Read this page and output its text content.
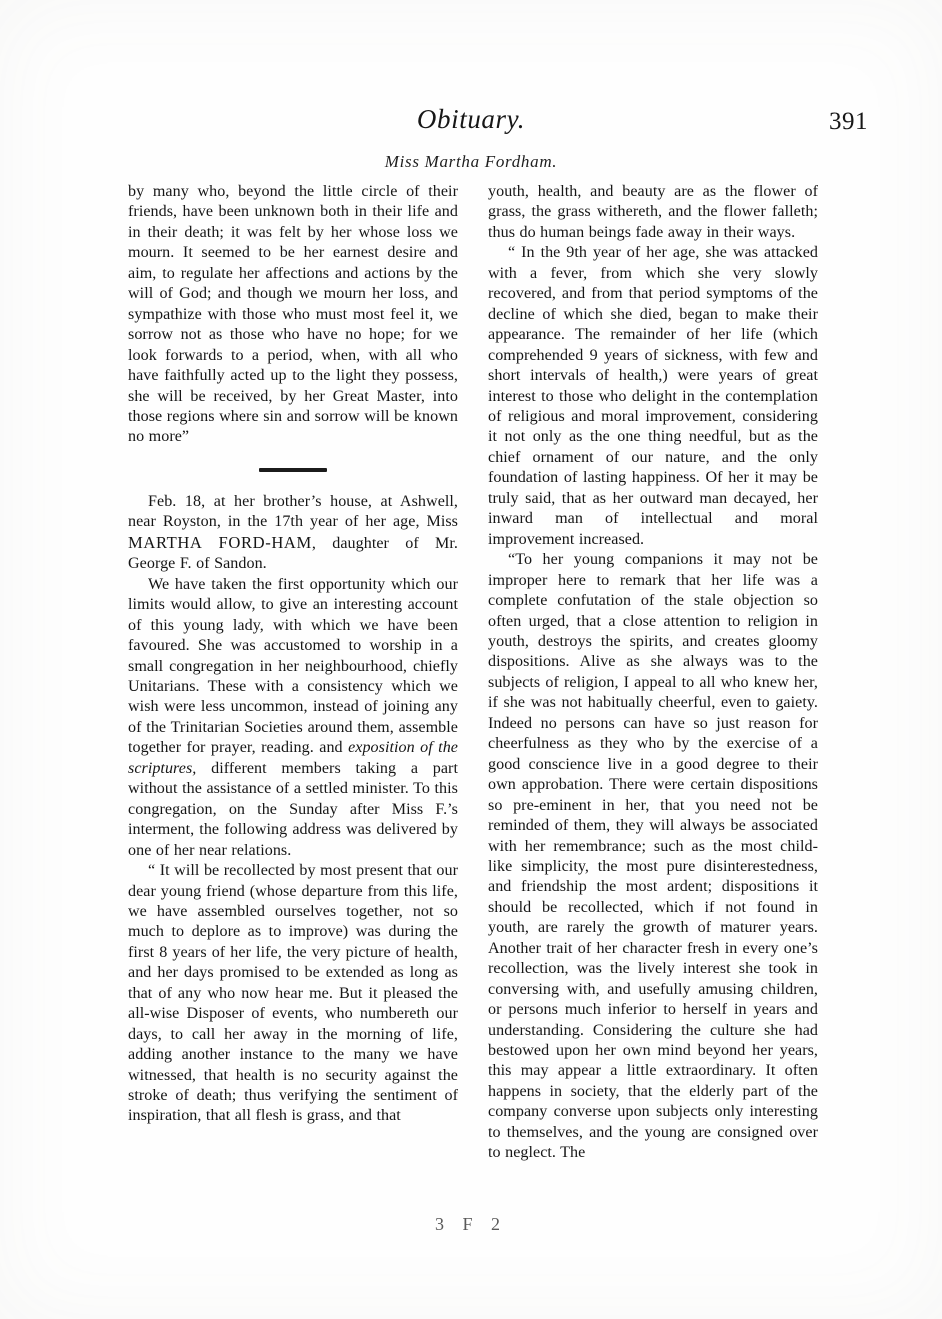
Obituary.	391
Miss Martha Fordham.

by many who, beyond the little circle of their friends, have been unknown both in their life and in their death; it was felt by her whose loss we mourn. It seemed to be her earnest desire and aim, to regulate her affections and actions by the will of God; and though we mourn her loss, and sympathize with those who must most feel it, we sorrow not as those who have no hope; for we look forwards to a period, when, with all who have faithfully acted up to the light they possess, she will be received, by her Great Master, into those regions where sin and sorrow will be known no more”

Feb. 18, at her brother’s house, at Ashwell, near Royston, in the 17th year of her age, Miss MARTHA FORD-HAM, daughter of Mr. George F. of Sandon.

We have taken the first opportunity which our limits would allow, to give an interesting account of this young lady, with which we have been favoured. She was accustomed to worship in a small congregation in her neighbourhood, chiefly Unitarians. These with a consistency which we wish were less uncommon, instead of joining any of the Trinitarian Societies around them, assemble together for prayer, reading. and exposition of the scriptures, different members taking a part without the assistance of a settled minister. To this congregation, on the Sunday after Miss F.’s interment, the following address was delivered by one of her near relations.

“ It will be recollected by most present that our dear young friend (whose departure from this life, we have assembled ourselves together, not so much to deplore as to improve) was during the first 8 years of her life, the very picture of health, and her days promised to be extended as long as that of any who now hear me. But it pleased the all-wise Disposer of events, who numbereth our days, to call her away in the morning of life, adding another instance to the many we have witnessed, that health is no security against the stroke of death; thus verifying the sentiment of inspiration, that all flesh is grass, and that

youth, health, and beauty are as the flower of grass, the grass withereth, and the flower falleth; thus do human beings fade away in their ways.

“ In the 9th year of her age, she was attacked with a fever, from which she very slowly recovered, and from that period symptoms of the decline of which she died, began to make their appearance. The remainder of her life (which comprehended 9 years of sickness, with few and short intervals of health,) were years of great interest to those who delight in the contemplation of religious and moral improvement, considering it not only as the one thing needful, but as the chief ornament of our nature, and the only foundation of lasting happiness. Of her it may be truly said, that as her outward man decayed, her inward man of intellectual and moral improvement increased.

“To her young companions it may not be improper here to remark that her life was a complete confutation of the stale objection so often urged, that a close attention to religion in youth, destroys the spirits, and creates gloomy dispositions. Alive as she always was to the subjects of religion, I appeal to all who knew her, if she was not habitually cheerful, even to gaiety. Indeed no persons can have so just reason for cheerfulness as they who by the exercise of a good conscience live in a good degree to their own approbation. There were certain dispositions so pre-eminent in her, that you need not be reminded of them, they will always be associated with her remembrance; such as the most child-like simplicity, the most pure disinterestedness, and friendship the most ardent; dispositions it should be recollected, which if not found in youth, are rarely the growth of maturer years. Another trait of her character fresh in every one’s recollection, was the lively interest she took in conversing with, and usefully amusing children, or persons much inferior to herself in years and understanding. Considering the culture she had bestowed upon her own mind beyond her years, this may appear a little extraordinary. It often happens in society, that the elderly part of the company converse upon subjects only interesting to themselves, and the young are consigned over to neglect. The

3 F 2
